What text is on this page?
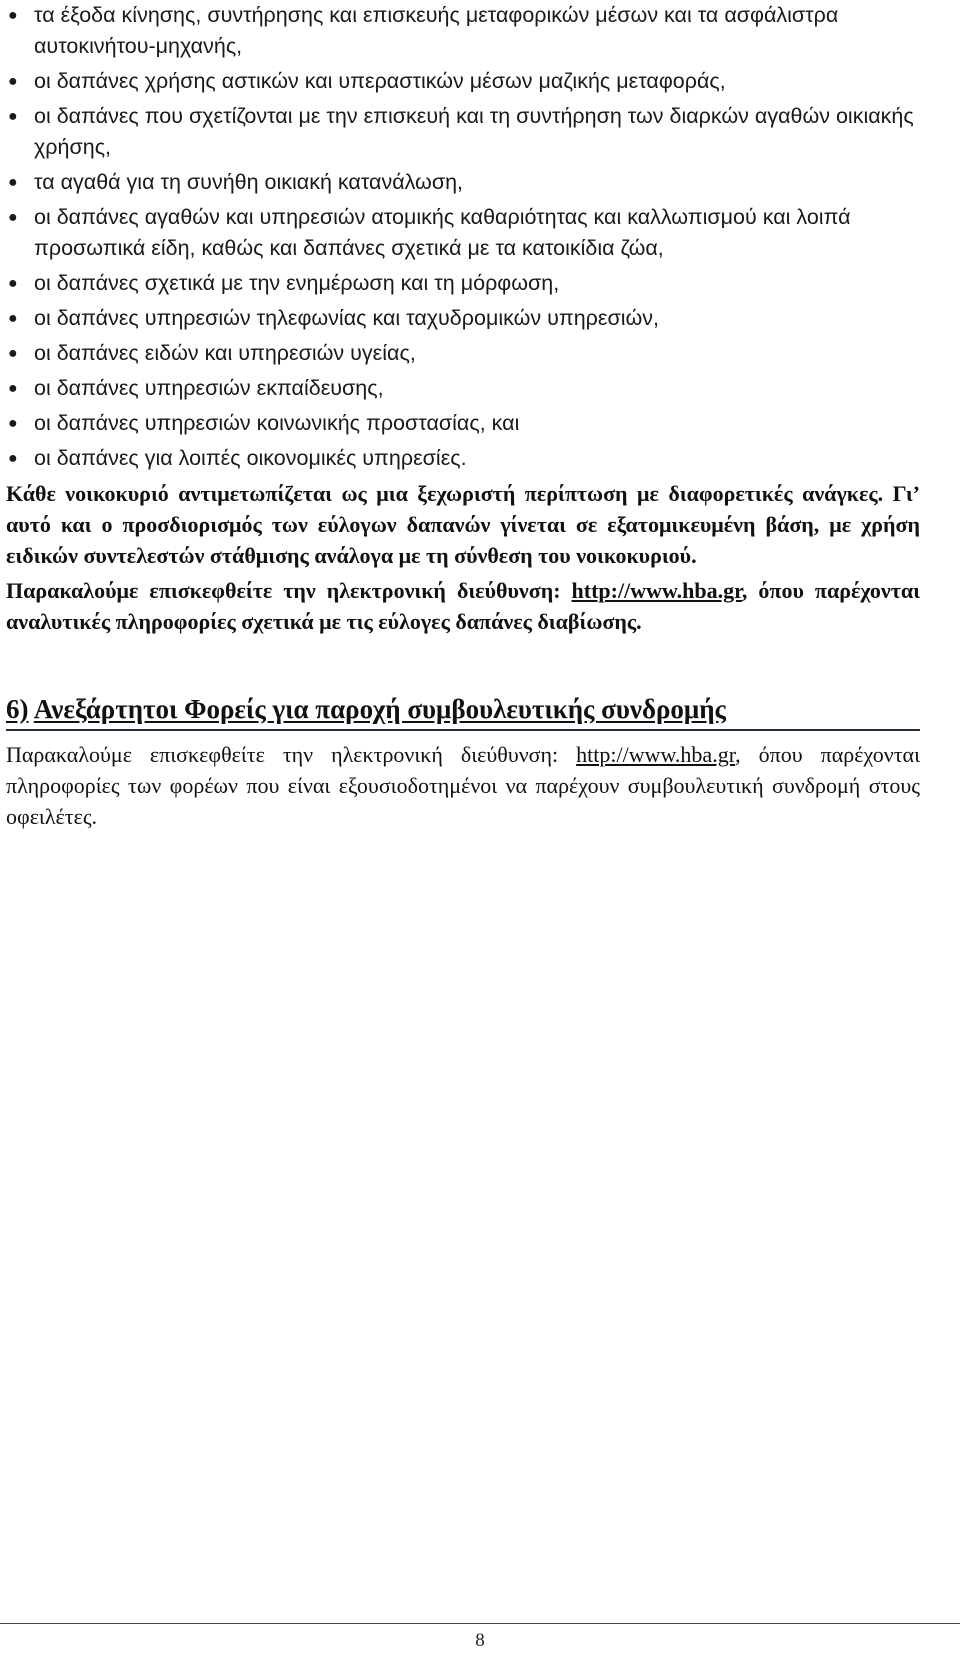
● τα έξοδα κίνησης, συντήρησης και επισκευής μεταφορικών μέσων και τα ασφάλιστρα αυτοκινήτου-μηχανής,
● οι δαπάνες χρήσης αστικών και υπεραστικών μέσων μαζικής μεταφοράς,
● οι δαπάνες που σχετίζονται με την επισκευή και τη συντήρηση των διαρκών αγαθών οικιακής χρήσης,
● τα αγαθά για τη συνήθη οικιακή κατανάλωση,
● οι δαπάνες αγαθών και υπηρεσιών ατομικής καθαριότητας και καλλωπισμού και λοιπά προσωπικά είδη, καθώς και δαπάνες σχετικά με τα κατοικίδια ζώα,
● οι δαπάνες σχετικά με την ενημέρωση και τη μόρφωση,
● οι δαπάνες υπηρεσιών τηλεφωνίας και ταχυδρομικών υπηρεσιών,
● οι δαπάνες ειδών και υπηρεσιών υγείας,
● οι δαπάνες υπηρεσιών εκπαίδευσης,
● οι δαπάνες υπηρεσιών κοινωνικής προστασίας, και
● οι δαπάνες για λοιπές οικονομικές υπηρεσίες.

Κάθε νοικοκυριό αντιμετωπίζεται ως μια ξεχωριστή περίπτωση με διαφορετικές ανάγκες. Γι’ αυτό και ο προσδιορισμός των εύλογων δαπανών γίνεται σε εξατομικευμένη βάση, με χρήση ειδικών συντελεστών στάθμισης ανάλογα με τη σύνθεση του νοικοκυριού.

Παρακαλούμε επισκεφθείτε την ηλεκτρονική διεύθυνση: http://www.hba.gr, όπου παρέχονται αναλυτικές πληροφορίες σχετικά με τις εύλογες δαπάνες διαβίωσης.

6) Ανεξάρτητοι Φορείς για παροχή συμβουλευτικής συνδρομής

Παρακαλούμε επισκεφθείτε την ηλεκτρονική διεύθυνση: http://www.hba.gr, όπου παρέχονται πληροφορίες των φορέων που είναι εξουσιοδοτημένοι να παρέχουν συμβουλευτική συνδρομή στους οφειλέτες.

8
